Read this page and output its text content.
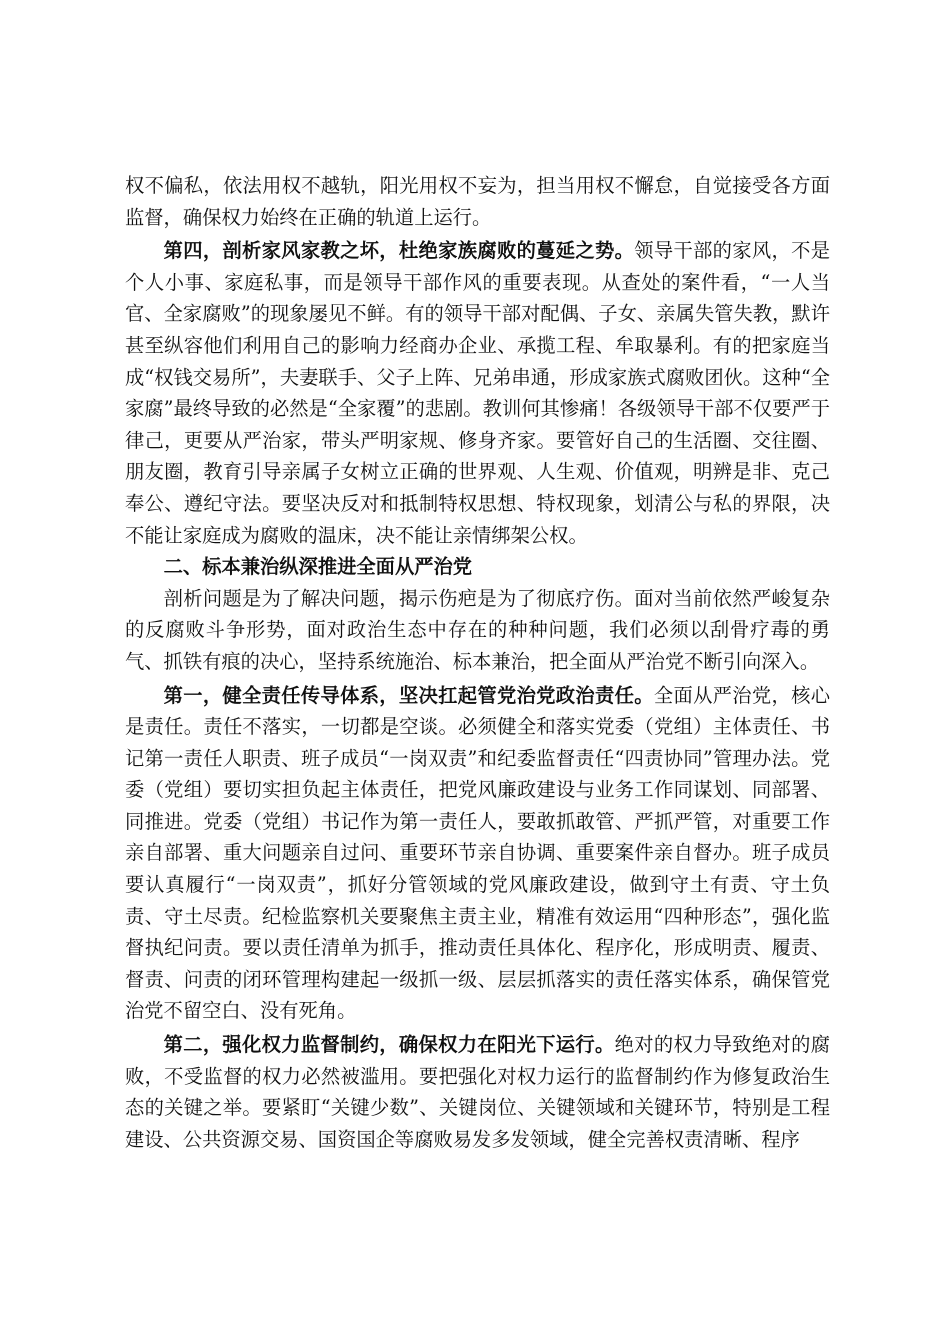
权不偏私，依法用权不越轨，阳光用权不妄为，担当用权不懈怠，自觉接受各方面监督，确保权力始终在正确的轨道上运行。

第四，剖析家风家教之坏，杜绝家族腐败的蔓延之势。领导干部的家风，不是个人小事、家庭私事，而是领导干部作风的重要表现。从查处的案件看，“一人当官、全家腐败”的现象屡见不鲜。有的领导干部对配偶、子女、亲属失管失教，默许甚至纵容他们利用自己的影响力经商办企业、承揽工程、牟取暴利。有的把家庭当成“权钱交易所”，夫妻联手、父子上阵、兄弟串通，形成家族式腐败团伙。这种“全家腐”最终导致的必然是“全家覆”的悲剧。教训何其惨痛！各级领导干部不仅要严于律己，更要从严治家，带头严明家规、修身齐家。要管好自己的生活圈、交往圈、朋友圈，教育引导亲属子女树立正确的世界观、人生观、价值观，明辨是非、克己奉公、遵纪守法。要坚决反对和抵制特权思想、特权现象，划清公与私的界限，决不能让家庭成为腐败的温床，决不能让亲情绑架公权。

二、标本兼治纵深推进全面从严治党

剖析问题是为了解决问题，揭示伤疤是为了彻底疗伤。面对当前依然严峻复杂的反腐败斗争形势，面对政治生态中存在的种种问题，我们必须以刮骨疗毒的勇气、抓铁有痕的决心，坚持系统施治、标本兼治，把全面从严治党不断引向深入。

第一，健全责任传导体系，坚决扛起管党治党政治责任。全面从严治党，核心是责任。责任不落实，一切都是空谈。必须健全和落实党委（党组）主体责任、书记第一责任人职责、班子成员“一岗双责”和纪委监督责任“四责协同”管理办法。党委（党组）要切实担负起主体责任，把党风廉政建设与业务工作同谋划、同部署、同推进。党委（党组）书记作为第一责任人，要敢抓敢管、严抓严管，对重要工作亲自部署、重大问题亲自过问、重要环节亲自协调、重要案件亲自督办。班子成员要认真履行“一岗双责”，抓好分管领域的党风廉政建设，做到守土有责、守土负责、守土尽责。纪检监察机关要聚焦主责主业，精准有效运用“四种形态”，强化监督执纪问责。要以责任清单为抓手，推动责任具体化、程序化，形成明责、履责、督责、问责的闭环管理构建起一级抓一级、层层抓落实的责任落实体系，确保管党治党不留空白、没有死角。

第二，强化权力监督制约，确保权力在阳光下运行。绝对的权力导致绝对的腐败，不受监督的权力必然被滥用。要把强化对权力运行的监督制约作为修复政治生态的关键之举。要紧盯“关键少数”、关键岗位、关键领域和关键环节，特别是工程建设、公共资源交易、国资国企等腐败易发多发领域，健全完善权责清晰、程序
